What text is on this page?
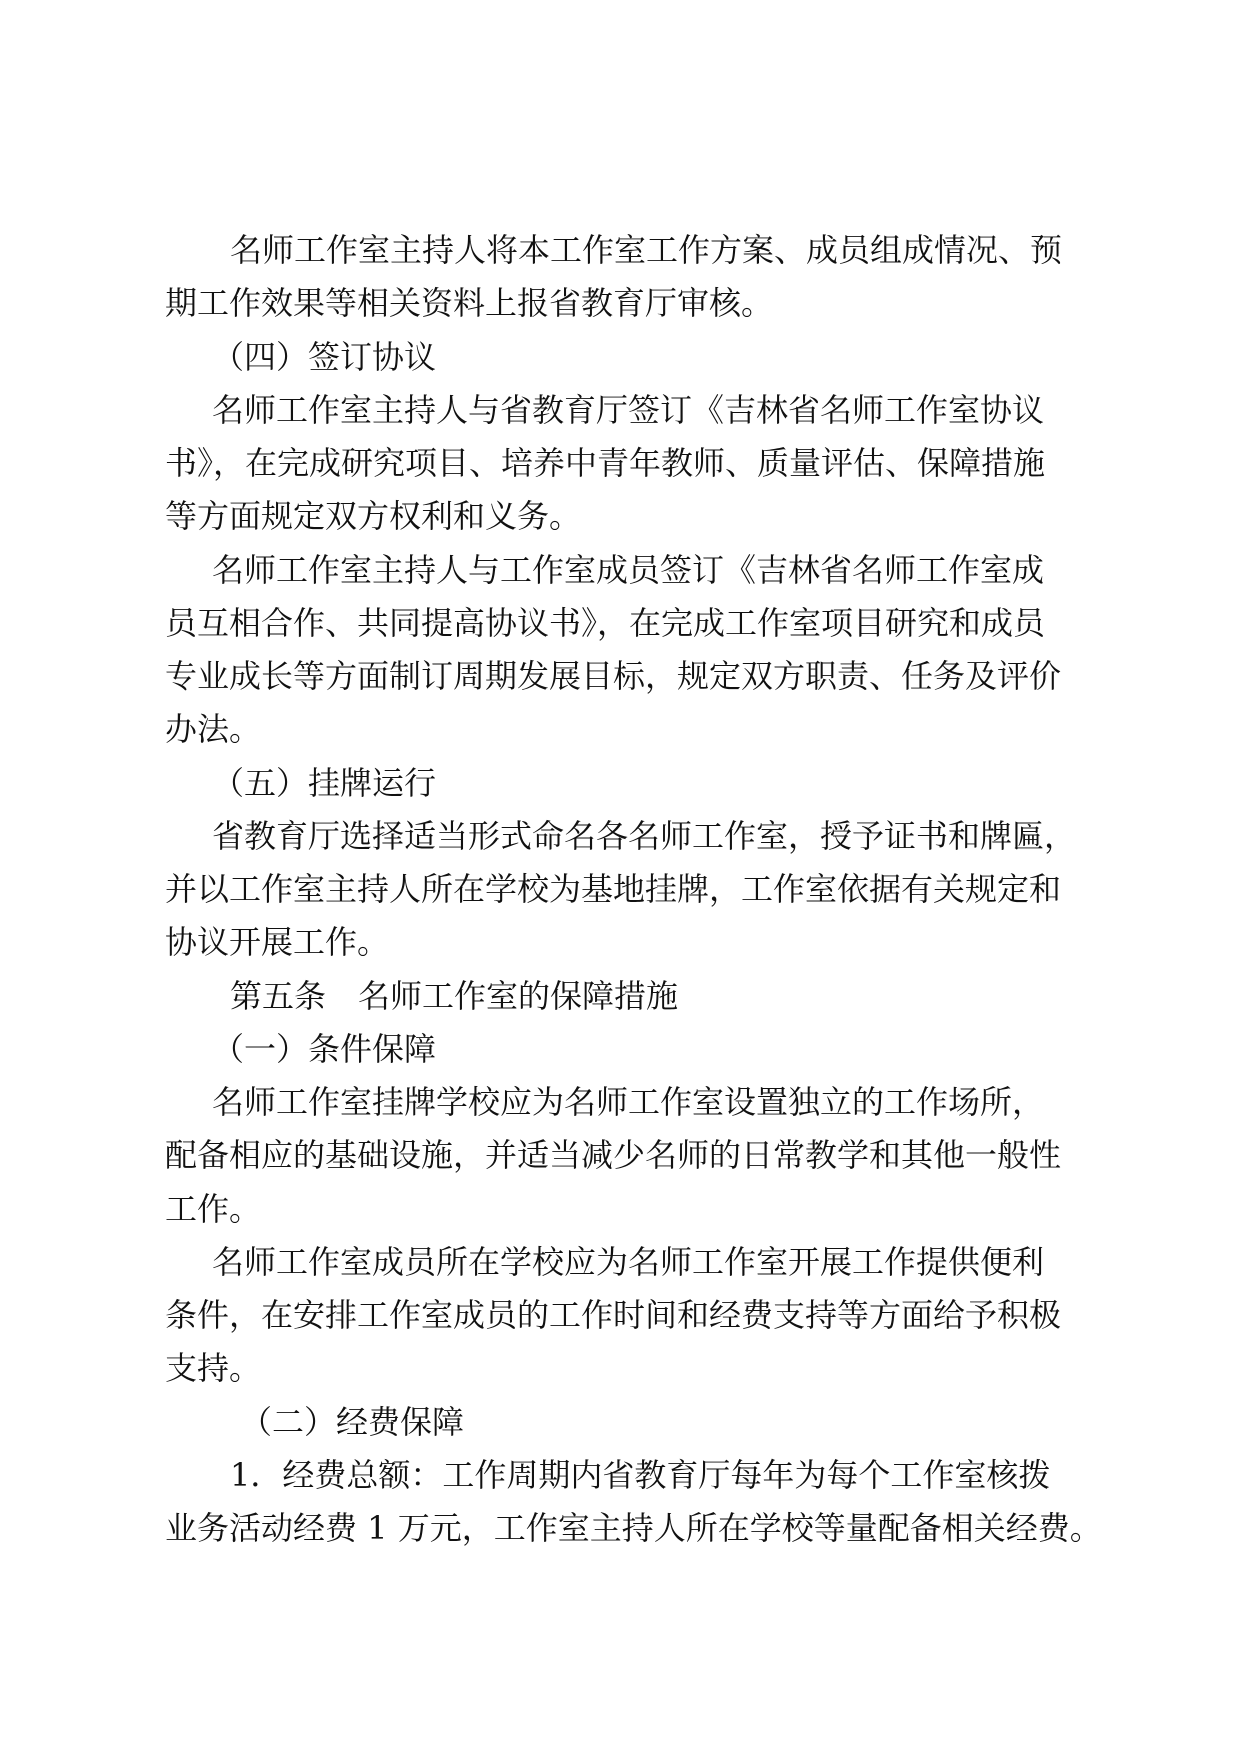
名师工作室主持人将本工作室工作方案、成员组成情况、预

期工作效果等相关资料上报省教育厅审核。

（四）签订协议

名师工作室主持人与省教育厅签订《吉林省名师工作室协议

书》，在完成研究项目、培养中青年教师、质量评估、保障措施

等方面规定双方权利和义务。

名师工作室主持人与工作室成员签订《吉林省名师工作室成

员互相合作、共同提高协议书》，在完成工作室项目研究和成员

专业成长等方面制订周期发展目标，规定双方职责、任务及评价

办法。

（五）挂牌运行

省教育厅选择适当形式命名各名师工作室，授予证书和牌匾，

并以工作室主持人所在学校为基地挂牌，工作室依据有关规定和

协议开展工作。

第五条　名师工作室的保障措施

（一）条件保障

名师工作室挂牌学校应为名师工作室设置独立的工作场所，

配备相应的基础设施，并适当减少名师的日常教学和其他一般性

工作。

名师工作室成员所在学校应为名师工作室开展工作提供便利

条件，在安排工作室成员的工作时间和经费支持等方面给予积极

支持。

（二）经费保障

1．经费总额：工作周期内省教育厅每年为每个工作室核拨

业务活动经费 1 万元，工作室主持人所在学校等量配备相关经费。
